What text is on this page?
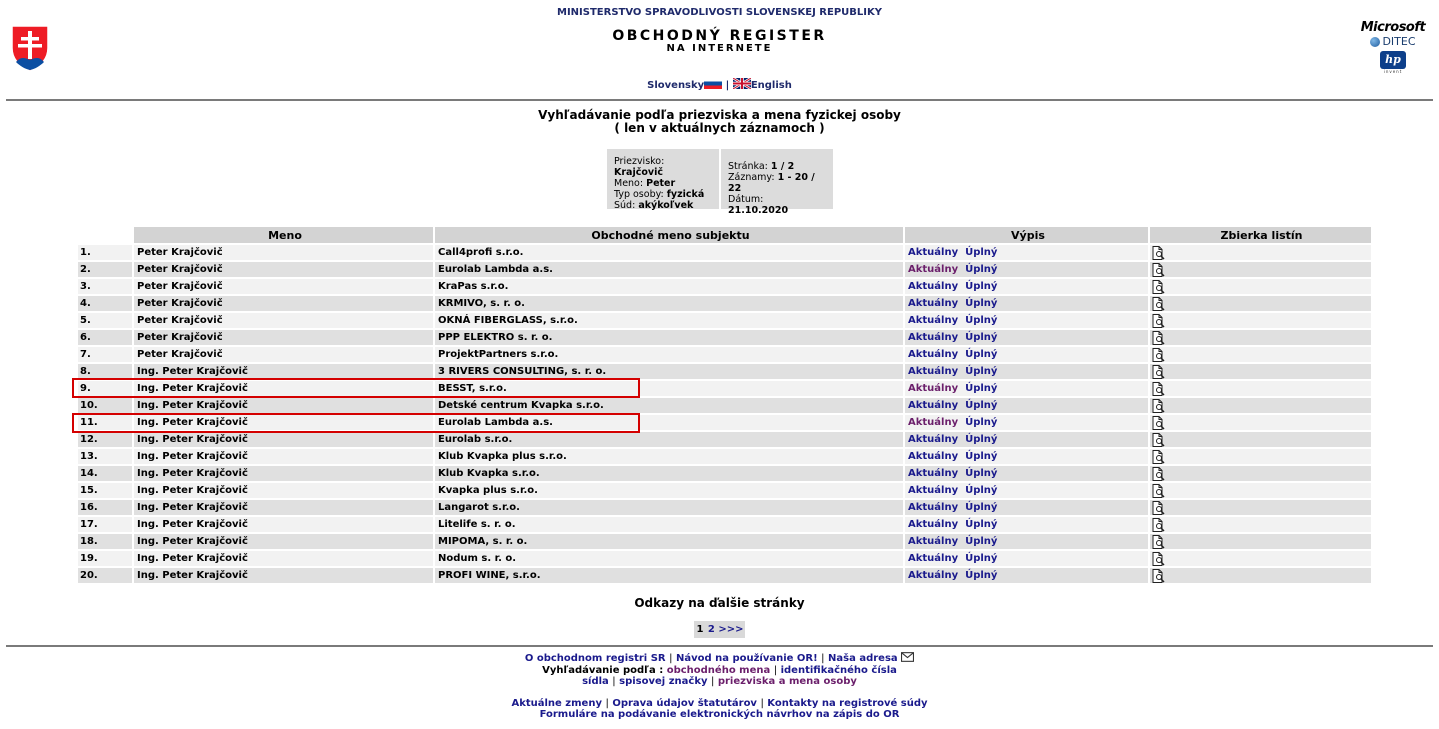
MINISTERSTVO SPRAVODLIVOSTI SLOVENSKEJ REPUBLIKY
OBCHODNÝ REGISTER
NA INTERNETE
Slovensky | English
Microsoft
DITEC
hp
invent
Vyhľadávanie podľa priezviska a mena fyzickej osoby
( len v aktuálnych záznamoch )
Priezvisko: Krajčovič
Meno: Peter
Typ osoby: fyzická
Súd: akýkoľvek
Stránka: 1 / 2
Záznamy: 1 - 20 / 22
Dátum: 21.10.2020
	Meno	Obchodné meno subjektu	Výpis	Zbierka listín
1.	Peter Krajčovič	Call4profi s.r.o.	Aktuálny Úplný	
2.	Peter Krajčovič	Eurolab Lambda a.s.	Aktuálny Úplný	
3.	Peter Krajčovič	KraPas s.r.o.	Aktuálny Úplný	
4.	Peter Krajčovič	KRMIVO, s. r. o.	Aktuálny Úplný	
5.	Peter Krajčovič	OKNÁ FIBERGLASS, s.r.o.	Aktuálny Úplný	
6.	Peter Krajčovič	PPP ELEKTRO s. r. o.	Aktuálny Úplný	
7.	Peter Krajčovič	ProjektPartners s.r.o.	Aktuálny Úplný	
8.	Ing. Peter Krajčovič	3 RIVERS CONSULTING, s. r. o.	Aktuálny Úplný	
9.	Ing. Peter Krajčovič	BESST, s.r.o.	Aktuálny Úplný	
10.	Ing. Peter Krajčovič	Detské centrum Kvapka s.r.o.	Aktuálny Úplný	
11.	Ing. Peter Krajčovič	Eurolab Lambda a.s.	Aktuálny Úplný	
12.	Ing. Peter Krajčovič	Eurolab s.r.o.	Aktuálny Úplný	
13.	Ing. Peter Krajčovič	Klub Kvapka plus s.r.o.	Aktuálny Úplný	
14.	Ing. Peter Krajčovič	Klub Kvapka s.r.o.	Aktuálny Úplný	
15.	Ing. Peter Krajčovič	Kvapka plus s.r.o.	Aktuálny Úplný	
16.	Ing. Peter Krajčovič	Langarot s.r.o.	Aktuálny Úplný	
17.	Ing. Peter Krajčovič	Litelife s. r. o.	Aktuálny Úplný	
18.	Ing. Peter Krajčovič	MIPOMA, s. r. o.	Aktuálny Úplný	
19.	Ing. Peter Krajčovič	Nodum s. r. o.	Aktuálny Úplný	
20.	Ing. Peter Krajčovič	PROFI WINE, s.r.o.	Aktuálny Úplný	
Odkazy na ďalšie stránky
1 2 >>>
O obchodnom registri SR | Návod na používanie OR! | Naša adresa
Vyhľadávanie podľa : obchodného mena | identifikačného čísla
sídla | spisovej značky | priezviska a mena osoby
Aktuálne zmeny | Oprava údajov štatutárov | Kontakty na registrové súdy
Formuláre na podávanie elektronických návrhov na zápis do OR
